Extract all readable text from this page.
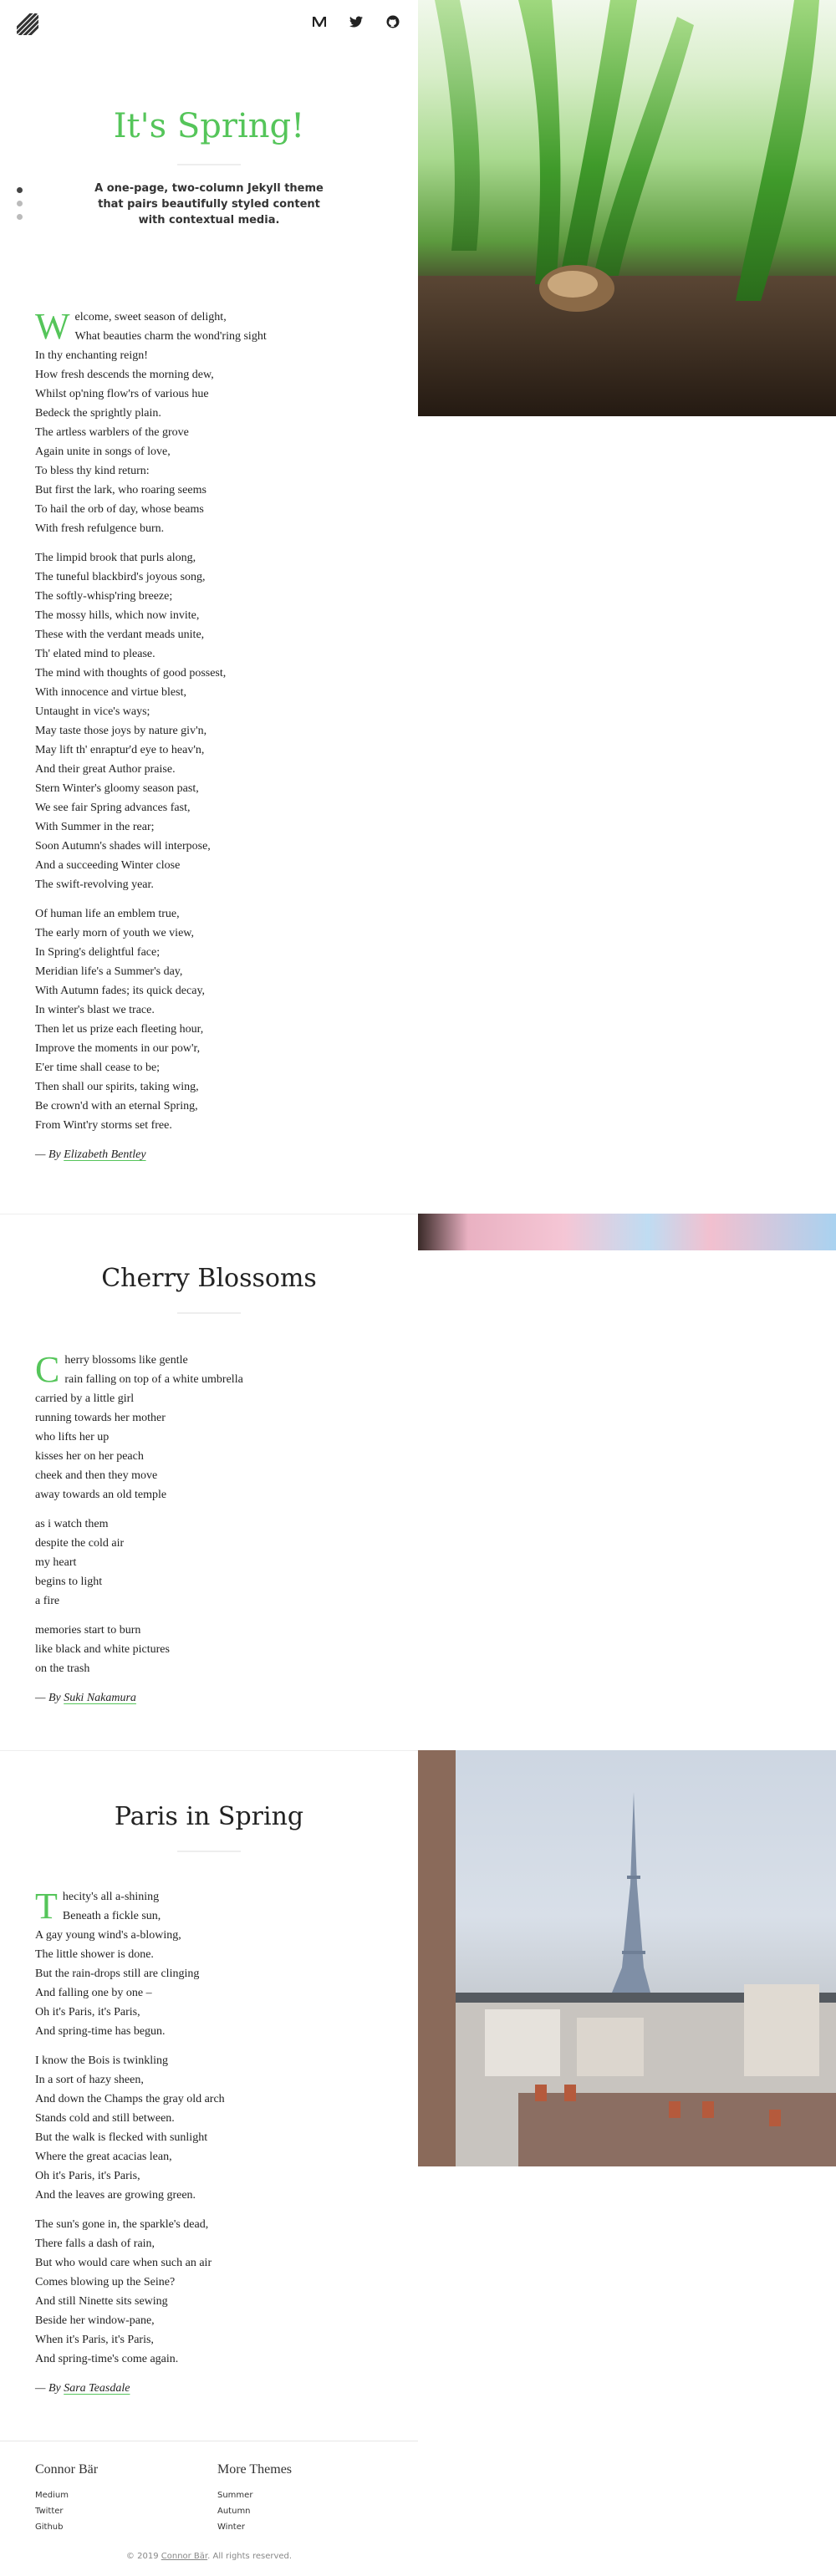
It's Spring!

A one-page, two-column Jekyll theme that pairs beautifully styled content with contextual media.

W elcome, sweet season of delight,
What beauties charm the wond'ring sight
In thy enchanting reign!
How fresh descends the morning dew,
Whilst op'ning flow'rs of various hue
Bedeck the sprightly plain.
The artless warblers of the grove
Again unite in songs of love,
To bless thy kind return:
But first the lark, who roaring seems
To hail the orb of day, whose beams
With fresh refulgence burn.
The limpid brook that purls along,
The tuneful blackbird's joyous song,
The softly-whisp'ring breeze;
The mossy hills, which now invite,
These with the verdant meads unite,
Th' elated mind to please.
The mind with thoughts of good possest,
With innocence and virtue blest,
Untaught in vice's ways;
May taste those joys by nature giv'n,
May lift th' enraptur'd eye to heav'n,
And their great Author praise.
Stern Winter's gloomy season past,
We see fair Spring advances fast,
With Summer in the rear;
Soon Autumn's shades will interpose,
And a succeeding Winter close
The swift-revolving year.
Of human life an emblem true,
The early morn of youth we view,
In Spring's delightful face;
Meridian life's a Summer's day,
With Autumn fades; its quick decay,
In winter's blast we trace.
Then let us prize each fleeting hour,
Improve the moments in our pow'r,
E'er time shall cease to be;
Then shall our spirits, taking wing,
Be crown'd with an eternal Spring,
From Wint'ry storms set free.
— By Elizabeth Bentley
Cherry Blossoms
C herry blossoms like gentle
rain falling on top of a white umbrella
carried by a little girl
running towards her mother
who lifts her up
kisses her on her peach
cheek and then they move
away towards an old temple
as i watch them
despite the cold air
my heart
begins to light
a fire
memories start to burn
like black and white pictures
on the trash
— By Suki Nakamura
Paris in Spring
T hecity's all a-shining
Beneath a fickle sun,
A gay young wind's a-blowing,
The little shower is done.
But the rain-drops still are clinging
And falling one by one –
Oh it's Paris, it's Paris,
And spring-time has begun.
I know the Bois is twinkling
In a sort of hazy sheen,
And down the Champs the gray old arch
Stands cold and still between.
But the walk is flecked with sunlight
Where the great acacias lean,
Oh it's Paris, it's Paris,
And the leaves are growing green.
The sun's gone in, the sparkle's dead,
There falls a dash of rain,
But who would care when such an air
Comes blowing up the Seine?
And still Ninette sits sewing
Beside her window-pane,
When it's Paris, it's Paris,
And spring-time's come again.
— By Sara Teasdale
Connor Bär
Medium
Twitter
Github
More Themes
Summer
Autumn
Winter
© 2019 Connor Bär. All rights reserved.
